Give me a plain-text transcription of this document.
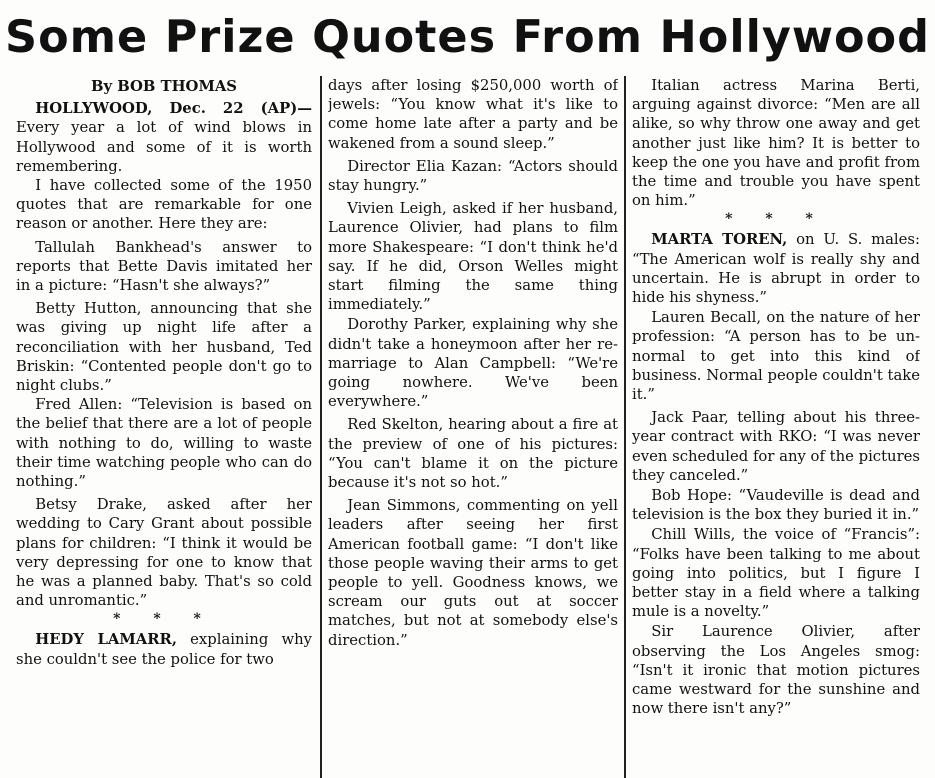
Some Prize Quotes From Hollywood
By BOB THOMAS

HOLLYWOOD, Dec. 22 (AP)— Every year a lot of wind blows in Hollywood and some of it is worth remembering.

I have collected some of the 1950 quotes that are remarkable for one reason or another. Here they are:

Tallulah Bankhead's answer to reports that Bette Davis imitated her in a picture: “Hasn't she always?”

Betty Hutton, announcing that she was giving up night life after a reconciliation with her husband, Ted Briskin: “Contented people don't go to night clubs.”

Fred Allen: “Television is based on the belief that there are a lot of people with nothing to do, willing to waste their time watching people who can do nothing.”

Betsy Drake, asked after her wedding to Cary Grant about possible plans for children: “I think it would be very depressing for one to know that he was a planned baby. That's so cold and unromantic.”

* * *

HEDY LAMARR, explaining why she couldn't see the police for two

days after losing $250,000 worth of jewels: “You know what it's like to come home late after a party and be wakened from a sound sleep.”

Director Elia Kazan: “Actors should stay hungry.”

Vivien Leigh, asked if her husband, Laurence Olivier, had plans to film more Shakespeare: “I don't think he'd say. If he did, Orson Welles might start filming the same thing immediately.”

Dorothy Parker, explaining why she didn't take a honeymoon after her re-marriage to Alan Campbell: “We're going nowhere. We've been everywhere.”

Red Skelton, hearing about a fire at the preview of one of his pictures: “You can't blame it on the picture because it's not so hot.”

Jean Simmons, commenting on yell leaders after seeing her first American football game: “I don't like those people waving their arms to get people to yell. Goodness knows, we scream our guts out at soccer matches, but not at somebody else's direction.”

Italian actress Marina Berti, arguing against divorce: “Men are all alike, so why throw one away and get another just like him? It is better to keep the one you have and profit from the time and trouble you have spent on him.”

* * *

MARTA TOREN, on U. S. males: “The American wolf is really shy and uncertain. He is abrupt in order to hide his shyness.”

Lauren Becall, on the nature of her profession: “A person has to be un-normal to get into this kind of business. Normal people couldn't take it.”

Jack Paar, telling about his three-year contract with RKO: “I was never even scheduled for any of the pictures they canceled.”

Bob Hope: “Vaudeville is dead and television is the box they buried it in.”

Chill Wills, the voice of “Francis”: “Folks have been talking to me about going into politics, but I figure I better stay in a field where a talking mule is a novelty.”

Sir Laurence Olivier, after observing the Los Angeles smog: “Isn't it ironic that motion pictures came westward for the sunshine and now there isn't any?”
